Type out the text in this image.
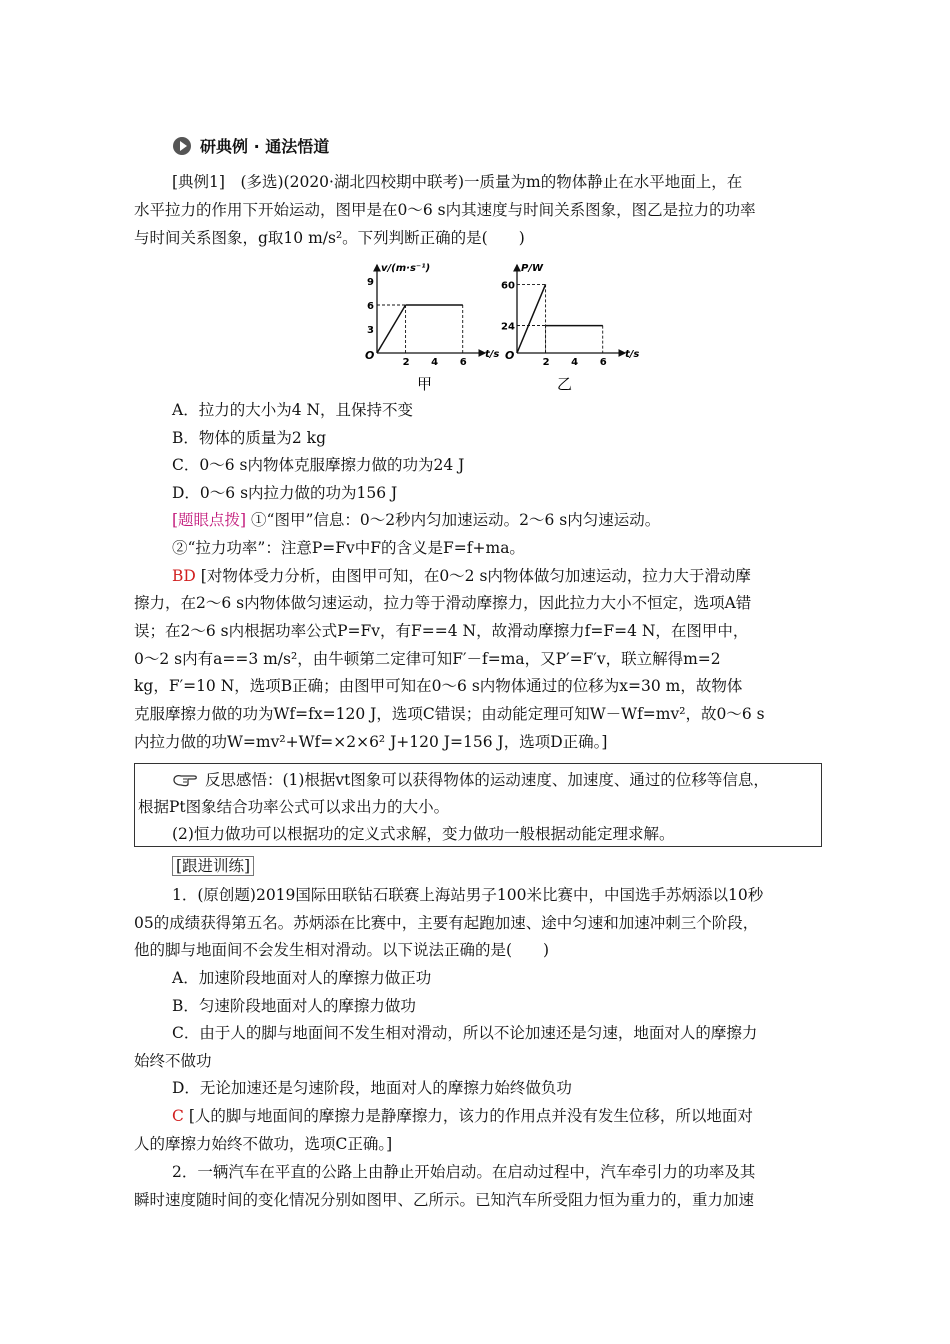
研典例 · 通法悟道
[典例1]　(多选)(2020·湖北四校期中联考)一质量为m的物体静止在水平地面上，在
水平拉力的作用下开始运动，图甲是在0～6 s内其速度与时间关系图象，图乙是拉力的功率
与时间关系图象，g取10 m/s²。下列判断正确的是(　　)
v/(m·s⁻¹)
t/s
O
2 4 6
3
6
9
甲
P/W
t/s
O
2 4 6
24
60
乙
A．拉力的大小为4 N，且保持不变
B．物体的质量为2 kg
C．0～6 s内物体克服摩擦力做的功为24 J
D．0～6 s内拉力做的功为156 J
[题眼点拨] ①“图甲”信息：0～2秒内匀加速运动。2～6 s内匀速运动。
②“拉力功率”：注意P=Fv中F的含义是F=f+ma。
BD [对物体受力分析，由图甲可知，在0～2 s内物体做匀加速运动，拉力大于滑动摩
擦力，在2～6 s内物体做匀速运动，拉力等于滑动摩擦力，因此拉力大小不恒定，选项A错
误；在2～6 s内根据功率公式P=Fv，有F==4 N，故滑动摩擦力f=F=4 N，在图甲中，
0～2 s内有a==3 m/s²，由牛顿第二定律可知F′－f=ma，又P′=F′v，联立解得m=2
kg，F′=10 N，选项B正确；由图甲可知在0～6 s内物体通过的位移为x=30 m，故物体
克服摩擦力做的功为Wf=fx=120 J，选项C错误；由动能定理可知W－Wf=mv²，故0～6 s
内拉力做的功W=mv²+Wf=×2×6² J+120 J=156 J，选项D正确。]
反思感悟：(1)根据vt图象可以获得物体的运动速度、加速度、通过的位移等信息，
根据Pt图象结合功率公式可以求出力的大小。
(2)恒力做功可以根据功的定义式求解，变力做功一般根据动能定理求解。
[跟进训练]
1．(原创题)2019国际田联钻石联赛上海站男子100米比赛中，中国选手苏炳添以10秒
05的成绩获得第五名。苏炳添在比赛中，主要有起跑加速、途中匀速和加速冲刺三个阶段，
他的脚与地面间不会发生相对滑动。以下说法正确的是(　　)
A．加速阶段地面对人的摩擦力做正功
B．匀速阶段地面对人的摩擦力做功
C．由于人的脚与地面间不发生相对滑动，所以不论加速还是匀速，地面对人的摩擦力
始终不做功
D．无论加速还是匀速阶段，地面对人的摩擦力始终做负功
C [人的脚与地面间的摩擦力是静摩擦力，该力的作用点并没有发生位移，所以地面对
人的摩擦力始终不做功，选项C正确。]
2．一辆汽车在平直的公路上由静止开始启动。在启动过程中，汽车牵引力的功率及其
瞬时速度随时间的变化情况分别如图甲、乙所示。已知汽车所受阻力恒为重力的，重力加速
